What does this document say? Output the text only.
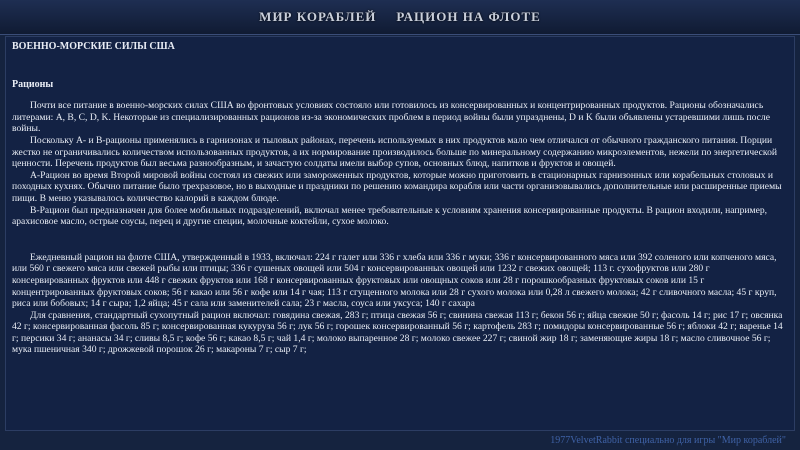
МИР КОРАБЛЕЙ РАЦИОН НА ФЛОТЕ
ВОЕННО-МОРСКИЕ СИЛЫ США
Рационы

Почти все питание в военно-морских силах США во фронтовых условиях состояло или готовилось из консервированных и концентрированных продуктов. Рационы обозначались литерами: A, B, C, D, K. Некоторые из специализированных рационов из-за экономических проблем в период войны были упразднены, D и K были объявлены устаревшими лишь после войны.

Поскольку А- и В-рационы применялись в гарнизонах и тыловых районах, перечень используемых в них продуктов мало чем отличался от обычного гражданского питания. Порции жестко не ограничивались количеством использованных продуктов, а их нормирование производилось больше по минеральному содержанию микроэлементов, нежели по энергетической ценности. Перечень продуктов был весьма разнообразным, и зачастую солдаты имели выбор супов, основных блюд, напитков и фруктов и овощей.

А-Рацион во время Второй мировой войны состоял из свежих или замороженных продуктов, которые можно приготовить в стационарных гарнизонных или корабельных столовых и походных кухнях. Обычно питание было трехразовое, но в выходные и праздники по решению командира корабля или части организовывались дополнительные или расширенные приемы пищи. В меню указывалось количество калорий в каждом блюде.

В-Рацион был предназначен для более мобильных подразделений, включал менее требовательные к условиям хранения консервированные продукты. В рацион входили, например, арахисовое масло, острые соусы, перец и другие специи, молочные коктейли, сухое молоко.

Ежедневный рацион на флоте США, утвержденный в 1933, включал: 224 г галет или 336 г хлеба или 336 г муки; 336 г консервированного мяса или 392 соленого или копченого мяса, или 560 г свежего мяса или свежей рыбы или птицы; 336 г сушеных овощей или 504 г консервированных овощей или 1232 г свежих овощей; 113 г. сухофруктов или 280 г консервированных фруктов или 448 г свежих фруктов или 168 г консервированных фруктовых или овощных соков или 28 г порошкообразных фруктовых соков или 15 г концентрированных фруктовых соков; 56 г какао или 56 г кофе или 14 г чая; 113 г сгущенного молока или 28 г сухого молока или 0,28 л свежего молока; 42 г сливочного масла; 45 г круп, риса или бобовых; 14 г сыра; 1,2 яйца; 45 г сала или заменителей сала; 23 г масла, соуса или уксуса; 140 г сахара

Для сравнения, стандартный сухопутный рацион включал: говядина свежая, 283 г; птица свежая 56 г; свинина свежая 113 г; бекон 56 г; яйца свежие 50 г; фасоль 14 г; рис 17 г; овсянка 42 г; консервированная фасоль 85 г; консервированная кукуруза 56 г; лук 56 г; горошек консервированный 56 г; картофель 283 г; помидоры консервированные 56 г; яблоки 42 г; варенье 14 г; персики 34 г; ананасы 34 г; сливы 8,5 г; кофе 56 г; какао 8,5 г; чай 1,4 г; молоко выпаренное 28 г; молоко свежее 227 г; свиной жир 18 г; заменяющие жиры 18 г; масло сливочное 56 г; мука пшеничная 340 г; дрожжевой порошок 26 г; макароны 7 г; сыр 7 г;

1977VelvetRabbit специально для игры "Мир кораблей"
